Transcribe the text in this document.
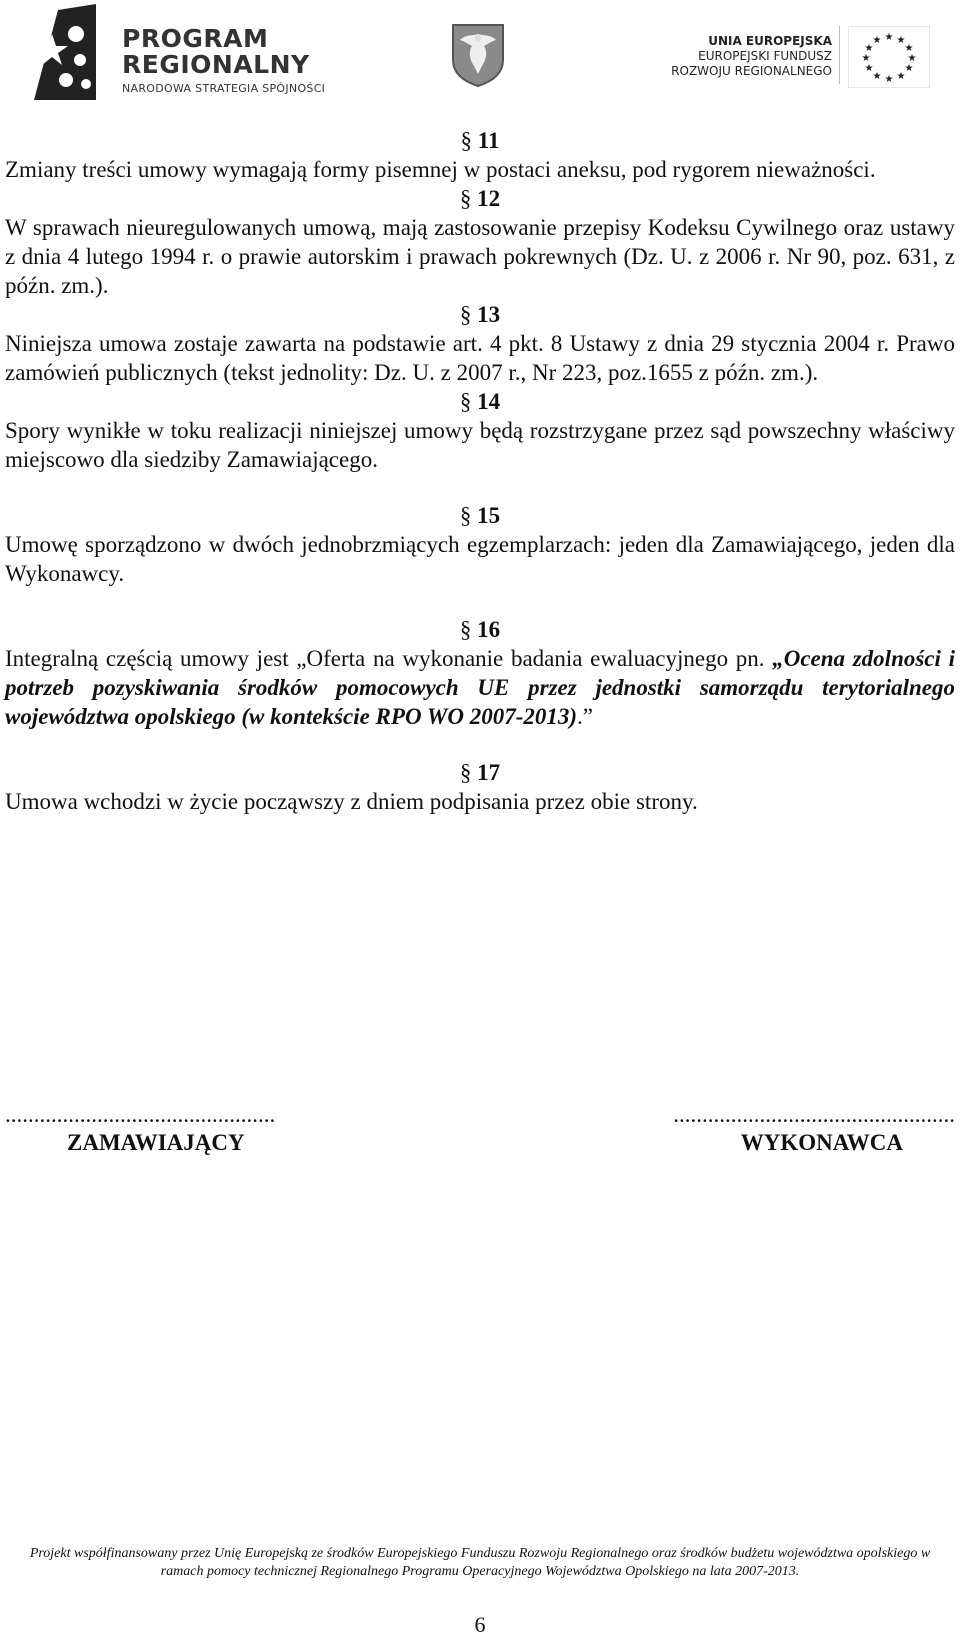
PROGRAM
REGIONALNY
NARODOWA STRATEGIA SPÓJNOŚCI
UNIA EUROPEJSKA
EUROPEJSKI FUNDUSZ
ROZWOJU REGIONALNEGO
★ ★
★
★
★
★
★
★
★
★
★
★

§ 11

Zmiany treści umowy wymagają formy pisemnej w postaci aneksu, pod rygorem nieważności.

§ 12

W sprawach nieuregulowanych umową, mają zastosowanie przepisy Kodeksu Cywilnego oraz ustawy z dnia 4 lutego 1994 r. o prawie autorskim i prawach pokrewnych (Dz. U. z 2006 r. Nr 90, poz. 631, z późn. zm.).

§ 13

Niniejsza umowa zostaje zawarta na podstawie art. 4 pkt. 8 Ustawy z dnia 29 stycznia 2004 r. Prawo zamówień publicznych (tekst jednolity: Dz. U. z 2007 r., Nr 223, poz.1655 z późn. zm.).

§ 14

Spory wynikłe w toku realizacji niniejszej umowy będą rozstrzygane przez sąd powszechny właściwy miejscowo dla siedziby Zamawiającego.

§ 15

Umowę sporządzono w dwóch jednobrzmiących egzemplarzach: jeden dla Zamawiającego, jeden dla Wykonawcy.

§ 16

Integralną częścią umowy jest „Oferta na wykonanie badania ewaluacyjnego pn. „Ocena zdolności i potrzeb pozyskiwania środków pomocowych UE przez jednostki samorządu terytorialnego województwa opolskiego (w kontekście RPO WO 2007-2013).”

§ 17

Umowa wchodzi w życie począwszy z dniem podpisania przez obie strony.

...............................................	.................................................
ZAMAWIAJĄCY	WYKONAWCA
Projekt współfinansowany przez Unię Europejską ze środków Europejskiego Funduszu Rozwoju Regionalnego oraz środków budżetu województwa opolskiego w
ramach pomocy technicznej Regionalnego Programu Operacyjnego Województwa Opolskiego na lata 2007-2013.
6
